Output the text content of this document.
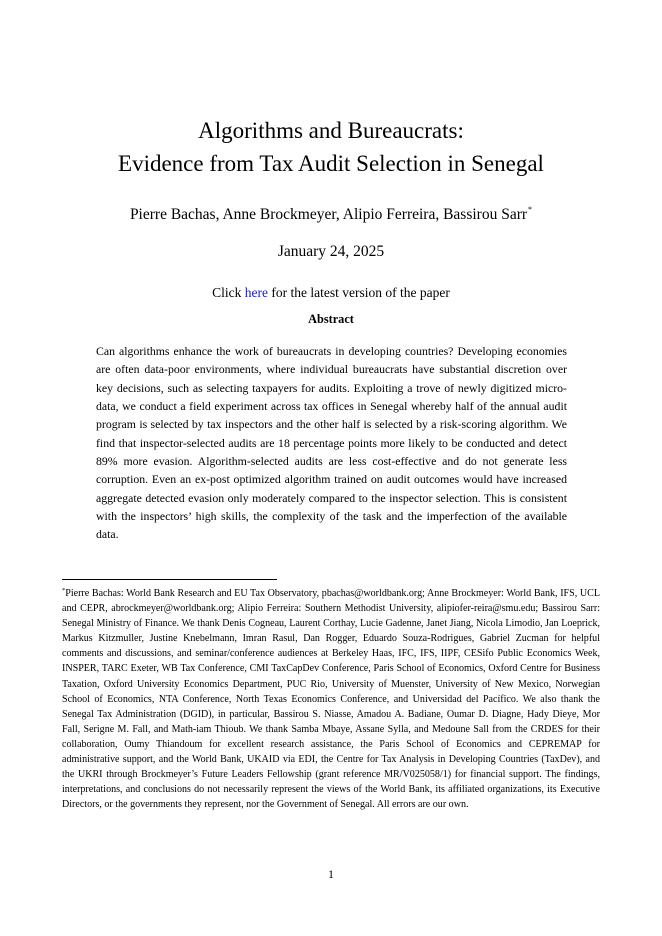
Algorithms and Bureaucrats:
Evidence from Tax Audit Selection in Senegal
Pierre Bachas, Anne Brockmeyer, Alipio Ferreira, Bassirou Sarr*
January 24, 2025
Click here for the latest version of the paper
Abstract
Can algorithms enhance the work of bureaucrats in developing countries? Developing economies are often data-poor environments, where individual bureaucrats have substantial discretion over key decisions, such as selecting taxpayers for audits. Exploiting a trove of newly digitized micro-data, we conduct a field experiment across tax offices in Senegal whereby half of the annual audit program is selected by tax inspectors and the other half is selected by a risk-scoring algorithm. We find that inspector-selected audits are 18 percentage points more likely to be conducted and detect 89% more evasion. Algorithm-selected audits are less cost-effective and do not generate less corruption. Even an ex-post optimized algorithm trained on audit outcomes would have increased aggregate detected evasion only moderately compared to the inspector selection. This is consistent with the inspectors’ high skills, the complexity of the task and the imperfection of the available data.
*Pierre Bachas: World Bank Research and EU Tax Observatory, pbachas@worldbank.org; Anne Brockmeyer: World Bank, IFS, UCL and CEPR, abrockmeyer@worldbank.org; Alipio Ferreira: Southern Methodist University, alipiofer-reira@smu.edu; Bassirou Sarr: Senegal Ministry of Finance. We thank Denis Cogneau, Laurent Corthay, Lucie Gadenne, Janet Jiang, Nicola Limodio, Jan Loeprick, Markus Kitzmuller, Justine Knebelmann, Imran Rasul, Dan Rogger, Eduardo Souza-Rodrigues, Gabriel Zucman for helpful comments and discussions, and seminar/conference audiences at Berkeley Haas, IFC, IFS, IIPF, CESifo Public Economics Week, INSPER, TARC Exeter, WB Tax Conference, CMI TaxCapDev Conference, Paris School of Economics, Oxford Centre for Business Taxation, Oxford University Economics Department, PUC Rio, University of Muenster, University of New Mexico, Norwegian School of Economics, NTA Conference, North Texas Economics Conference, and Universidad del Pacífico. We also thank the Senegal Tax Administration (DGID), in particular, Bassirou S. Niasse, Amadou A. Badiane, Oumar D. Diagne, Hady Dieye, Mor Fall, Serigne M. Fall, and Math-iam Thioub. We thank Samba Mbaye, Assane Sylla, and Medoune Sall from the CRDES for their collaboration, Oumy Thiandoum for excellent research assistance, the Paris School of Economics and CEPREMAP for administrative support, and the World Bank, UKAID via EDI, the Centre for Tax Analysis in Developing Countries (TaxDev), and the UKRI through Brockmeyer’s Future Leaders Fellowship (grant reference MR/V025058/1) for financial support. The findings, interpretations, and conclusions do not necessarily represent the views of the World Bank, its affiliated organizations, its Executive Directors, or the governments they represent, nor the Government of Senegal. All errors are our own.
1
